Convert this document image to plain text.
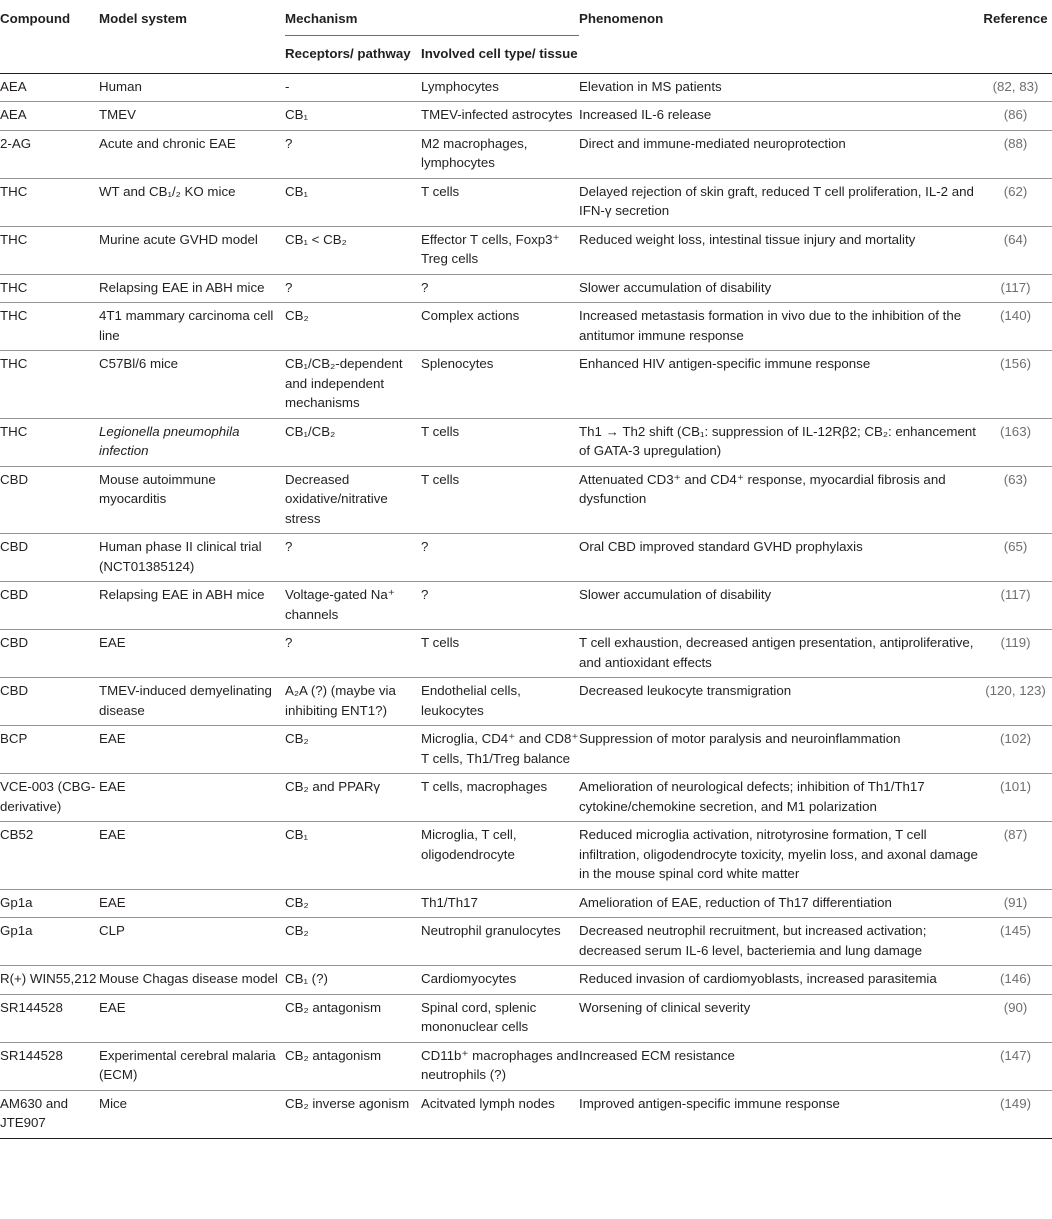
Compound	Model system	Mechanism		Phenomenon	Reference
		Receptors/ pathway	Involved cell type/ tissue		
AEA	Human	-	Lymphocytes	Elevation in MS patients	(82, 83)
AEA	TMEV	CB₁	TMEV-infected astrocytes	Increased IL-6 release	(86)
2-AG	Acute and chronic EAE	?	M2 macrophages, lymphocytes	Direct and immune-mediated neuroprotection	(88)
THC	WT and CB₁/₂ KO mice	CB₁	T cells	Delayed rejection of skin graft, reduced T cell proliferation, IL-2 and IFN-γ secretion	(62)
THC	Murine acute GVHD model	CB₁ < CB₂	Effector T cells, Foxp3⁺ Treg cells	Reduced weight loss, intestinal tissue injury and mortality	(64)
THC	Relapsing EAE in ABH mice	?	?	Slower accumulation of disability	(117)
THC	4T1 mammary carcinoma cell line	CB₂	Complex actions	Increased metastasis formation in vivo due to the inhibition of the antitumor immune response	(140)
THC	C57Bl/6 mice	CB₁/CB₂-dependent and independent mechanisms	Splenocytes	Enhanced HIV antigen-specific immune response	(156)
THC	Legionella pneumophila infection	CB₁/CB₂	T cells	Th1 → Th2 shift (CB₁: suppression of IL-12Rβ2; CB₂: enhancement of GATA-3 upregulation)	(163)
CBD	Mouse autoimmune myocarditis	Decreased oxidative/nitrative stress	T cells	Attenuated CD3⁺ and CD4⁺ response, myocardial fibrosis and dysfunction	(63)
CBD	Human phase II clinical trial (NCT01385124)	?	?	Oral CBD improved standard GVHD prophylaxis	(65)
CBD	Relapsing EAE in ABH mice	Voltage-gated Na⁺ channels	?	Slower accumulation of disability	(117)
CBD	EAE	?	T cells	T cell exhaustion, decreased antigen presentation, antiproliferative, and antioxidant effects	(119)
CBD	TMEV-induced demyelinating disease	A₂A (?) (maybe via inhibiting ENT1?)	Endothelial cells, leukocytes	Decreased leukocyte transmigration	(120, 123)
BCP	EAE	CB₂	Microglia, CD4⁺ and CD8⁺ T cells, Th1/Treg balance	Suppression of motor paralysis and neuroinflammation	(102)
VCE-003 (CBG-derivative)	EAE	CB₂ and PPARγ	T cells, macrophages	Amelioration of neurological defects; inhibition of Th1/Th17 cytokine/chemokine secretion, and M1 polarization	(101)
CB52	EAE	CB₁	Microglia, T cell, oligodendrocyte	Reduced microglia activation, nitrotyrosine formation, T cell infiltration, oligodendrocyte toxicity, myelin loss, and axonal damage in the mouse spinal cord white matter	(87)
Gp1a	EAE	CB₂	Th1/Th17	Amelioration of EAE, reduction of Th17 differentiation	(91)
Gp1a	CLP	CB₂	Neutrophil granulocytes	Decreased neutrophil recruitment, but increased activation; decreased serum IL-6 level, bacteriemia and lung damage	(145)
R(+) WIN55,212	Mouse Chagas disease model	CB₁ (?)	Cardiomyocytes	Reduced invasion of cardiomyoblasts, increased parasitemia	(146)
SR144528	EAE	CB₂ antagonism	Spinal cord, splenic mononuclear cells	Worsening of clinical severity	(90)
SR144528	Experimental cerebral malaria (ECM)	CB₂ antagonism	CD11b⁺ macrophages and neutrophils (?)	Increased ECM resistance	(147)
AM630 and JTE907	Mice	CB₂ inverse agonism	Acitvated lymph nodes	Improved antigen-specific immune response	(149)
